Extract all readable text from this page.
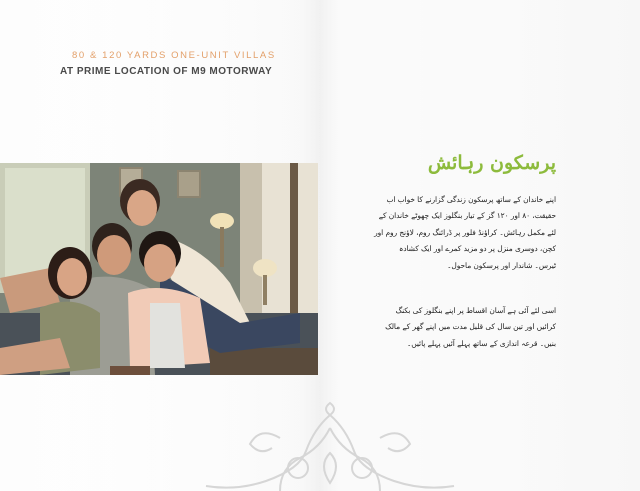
80 & 120 YARDS ONE-UNIT VILLAS
AT PRIME LOCATION OF M9 MOTORWAY
پرسکون رہائش
اپنے خاندان کے ساتھ پرسکون زندگی گزارنے کا خواب اب
حقیقت، ۸۰ اور ۱۲۰ گز کے تیار بنگلوز ایک چھوٹے خاندان کے
لئے مکمل رہائش۔ کراؤنڈ فلور پر ڈرائنگ روم، لاؤنج روم اور
کچن، دوسری منزل پر دو مزید کمرے اور ایک کشادہ
ٹیرس۔ شاندار اور پرسکون ماحول۔
اسی لئے آئی ہے آسان اقساط پر اپنے بنگلوز کی بکنگ
کرائیں اور تین سال کی قلیل مدت میں اپنے گھر کے مالک
بنیں۔ قرعہ اندازی کے ساتھ پہلے آئیں پہلے پائیں۔
